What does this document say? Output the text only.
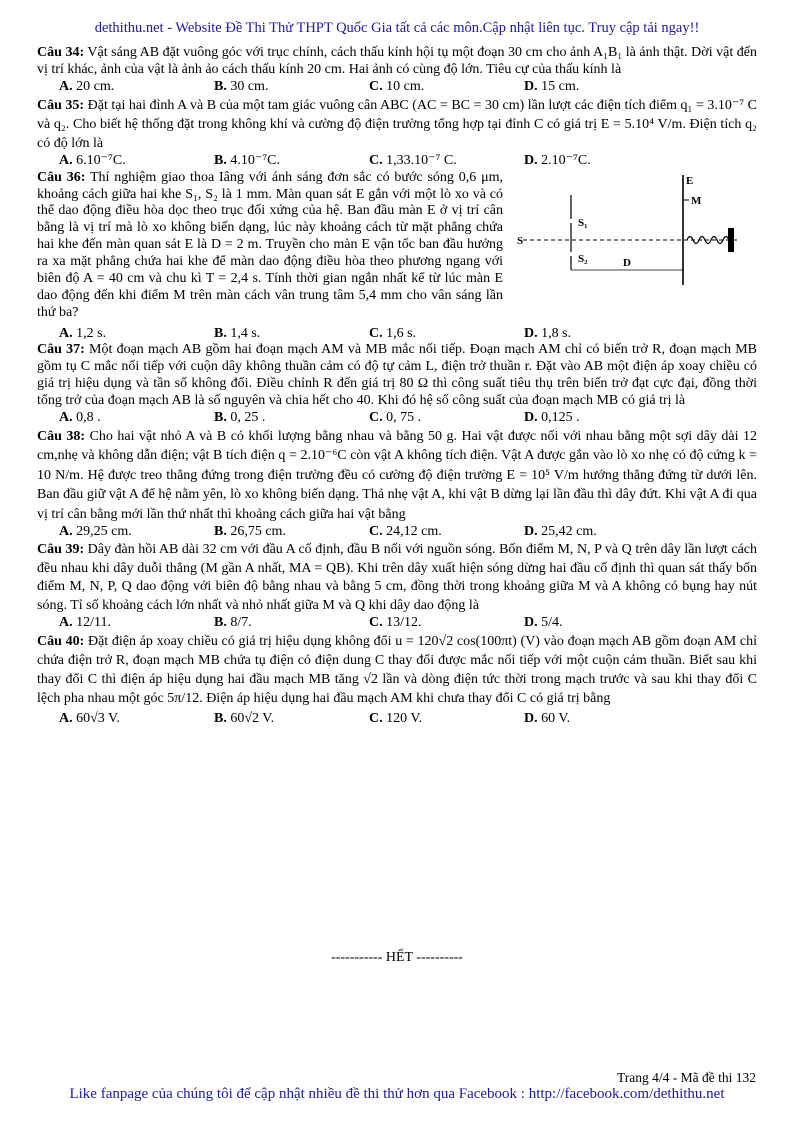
dethithu.net - Website Đề Thi Thử THPT Quốc Gia tất cả các môn.Cập nhật liên tục. Truy cập tải ngay!!

Câu 34: Vật sáng AB đặt vuông góc với trục chính, cách thấu kính hội tụ một đoạn 30 cm cho ảnh A₁B₁ là ảnh thật. Dời vật đến vị trí khác, ảnh của vật là ảnh ảo cách thấu kính 20 cm. Hai ảnh có cùng độ lớn. Tiêu cự của thấu kính là

A. 20 cm.	B. 30 cm.	C. 10 cm.	D. 15 cm.

Câu 35: Đặt tại hai đỉnh A và B của một tam giác vuông cân ABC (AC = BC = 30 cm) lần lượt các điện tích điểm q₁ = 3.10⁻⁷ C và q₂. Cho biết hệ thống đặt trong không khí và cường độ điện trường tổng hợp tại đỉnh C có giá trị E = 5.10⁴ V/m. Điện tích q₂ có độ lớn là

A. 6.10⁻⁷C.	B. 4.10⁻⁷C.	C. 1,33.10⁻⁷ C.	D. 2.10⁻⁷C.

Câu 36: Thí nghiệm giao thoa Iâng với ánh sáng đơn sắc có bước sóng 0,6 μm, khoảng cách giữa hai khe S₁, S₂ là 1 mm. Màn quan sát E gắn với một lò xo và có thể dao động điều hòa dọc theo trục đối xứng của hệ. Ban đầu màn E ở vị trí cân bằng là vị trí mà lò xo không biến dạng, lúc này khoảng cách từ mặt phẳng chứa hai khe đến màn quan sát E là D = 2 m. Truyền cho màn E vận tốc ban đầu hướng ra xa mặt phẳng chứa hai khe để màn dao động điều hòa theo phương ngang với biên độ A = 40 cm và chu kì T = 2,4 s. Tính thời gian ngắn nhất kể từ lúc màn E dao động đến khi điểm M trên màn cách vân trung tâm 5,4 mm cho vân sáng lần thứ ba?

S
S₁
S₂
E
M
D
A. 1,2 s.	B. 1,4 s.	C. 1,6 s.	D. 1,8 s.

Câu 37: Một đoạn mạch AB gồm hai đoạn mạch AM và MB mắc nối tiếp. Đoạn mạch AM chỉ có biến trở R, đoạn mạch MB gồm tụ C mắc nối tiếp với cuộn dây không thuần cảm có độ tự cảm L, điện trở thuần r. Đặt vào AB một điện áp xoay chiều có giá trị hiệu dụng và tần số không đổi. Điều chỉnh R đến giá trị 80 Ω thì công suất tiêu thụ trên biến trở đạt cực đại, đồng thời tổng trở của đoạn mạch AB là số nguyên và chia hết cho 40. Khi đó hệ số công suất của đoạn mạch MB có giá trị là

A. 0,8 .	B. 0, 25 .	C. 0, 75 .	D. 0,125 .

Câu 38: Cho hai vật nhỏ A và B có khối lượng bằng nhau và bằng 50 g. Hai vật được nối với nhau bằng một sợi dây dài 12 cm,nhẹ và không dẫn điện; vật B tích điện q = 2.10⁻⁶C còn vật A không tích điện. Vật A được gắn vào lò xo nhẹ có độ cứng k = 10 N/m. Hệ được treo thẳng đứng trong điện trường đều có cường độ điện trường E = 10⁵ V/m hướng thẳng đứng từ dưới lên. Ban đầu giữ vật A để hệ nằm yên, lò xo không biến dạng. Thả nhẹ vật A, khi vật B dừng lại lần đầu thì dây đứt. Khi vật A đi qua vị trí cân bằng mới lần thứ nhất thì khoảng cách giữa hai vật bằng

A. 29,25 cm.	B. 26,75 cm.	C. 24,12 cm.	D. 25,42 cm.

Câu 39: Dây đàn hồi AB dài 32 cm với đầu A cố định, đầu B nối với nguồn sóng. Bốn điểm M, N, P và Q trên dây lần lượt cách đều nhau khi dây duỗi thẳng (M gần A nhất, MA = QB). Khi trên dây xuất hiện sóng dừng hai đầu cố định thì quan sát thấy bốn điểm M, N, P, Q dao động với biên độ bằng nhau và bằng 5 cm, đồng thời trong khoảng giữa M và A không có bụng hay nút sóng. Tỉ số khoảng cách lớn nhất và nhỏ nhất giữa M và Q khi dây dao động là

A. 12/11.	B. 8/7.	C. 13/12.	D. 5/4.

Câu 40: Đặt điện áp xoay chiều có giá trị hiệu dụng không đổi u = 120√2 cos(100πt) (V) vào đoạn mạch AB gồm đoạn AM chỉ chứa điện trở R, đoạn mạch MB chứa tụ điện có điện dung C thay đổi được mắc nối tiếp với một cuộn cảm thuần. Biết sau khi thay đổi C thì điện áp hiệu dụng hai đầu mạch MB tăng √2 lần và dòng điện tức thời trong mạch trước và sau khi thay đổi C lệch pha nhau một góc 5π/12. Điện áp hiệu dụng hai đầu mạch AM khi chưa thay đổi C có giá trị bằng

A. 60√3 V.	B. 60√2 V.	C. 120 V.	D. 60 V.
----------- HẾT ----------
Trang 4/4 - Mã đề thi 132
Like fanpage của chúng tôi để cập nhật nhiều đề thi thử hơn qua Facebook : http://facebook.com/dethithu.net
